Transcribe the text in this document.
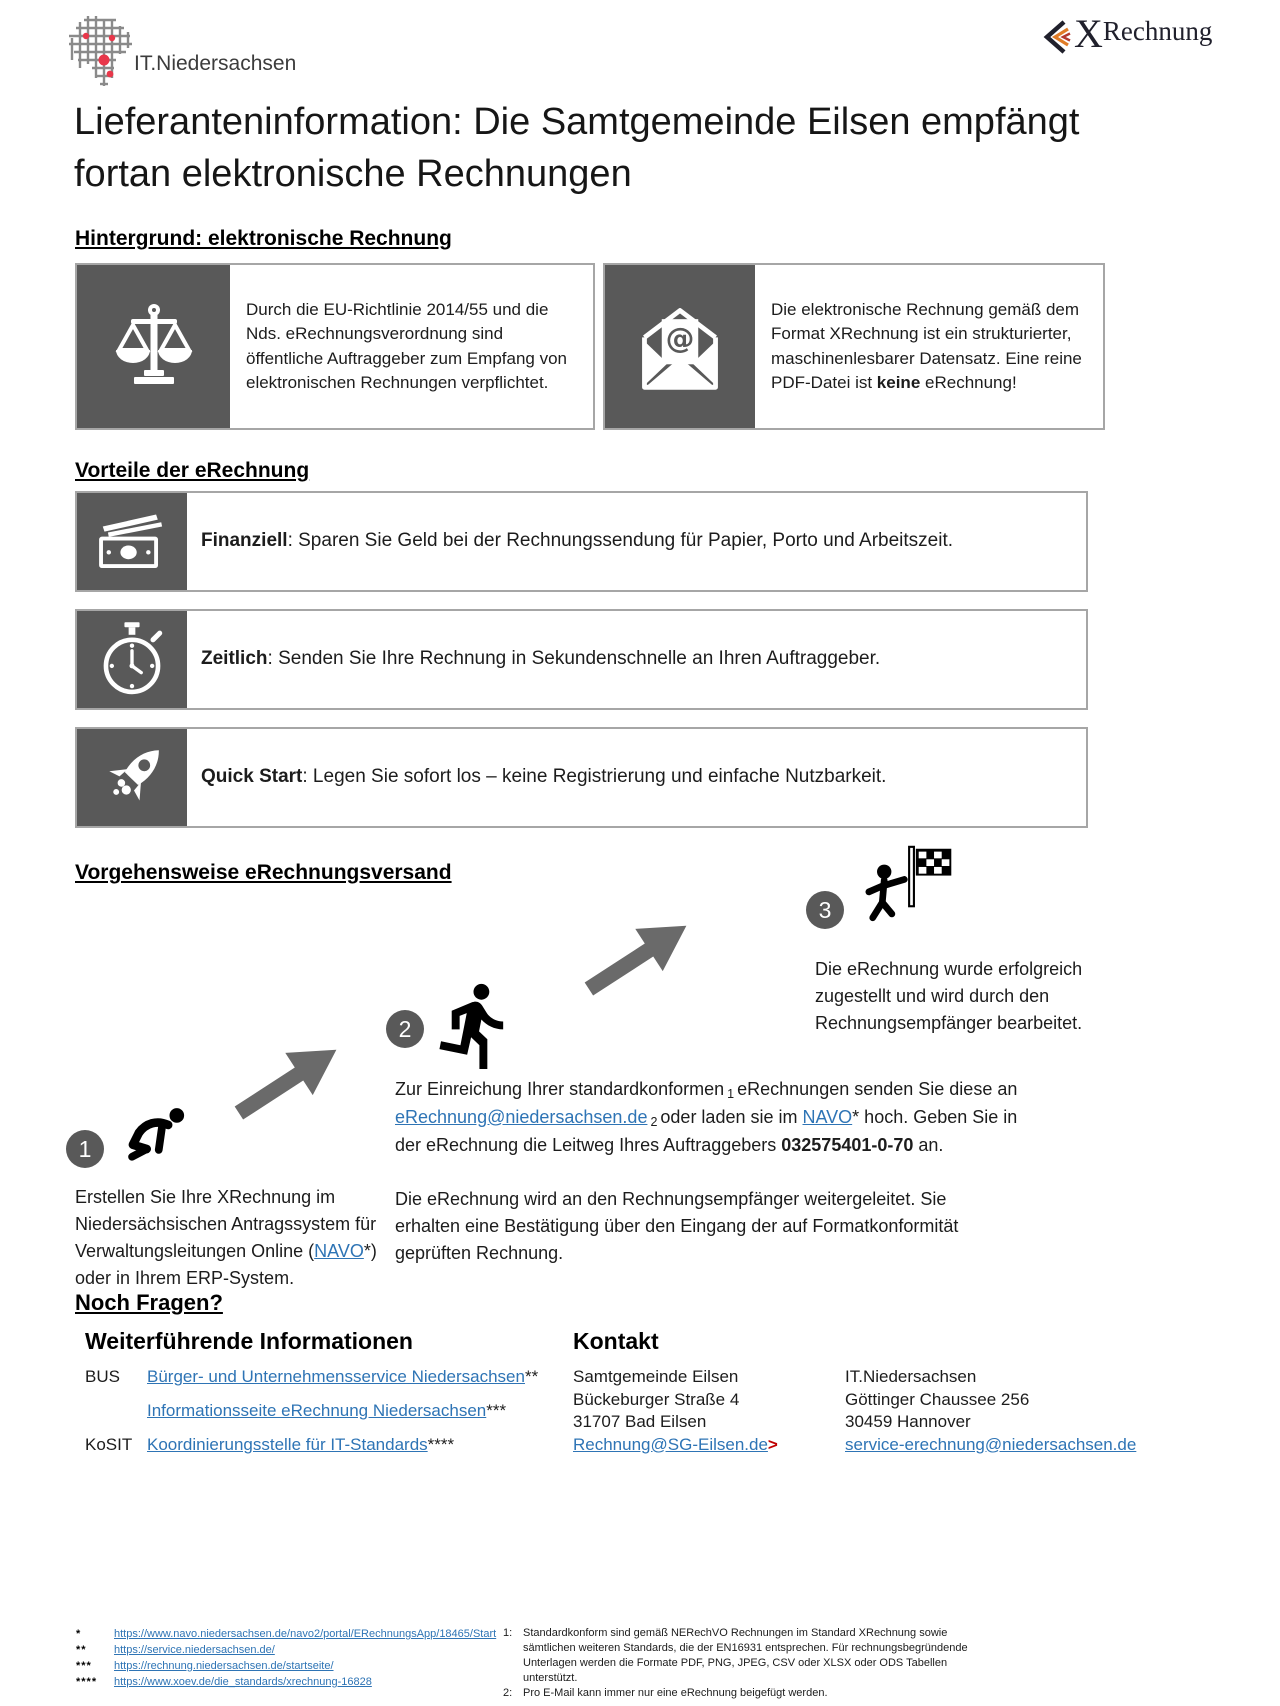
IT.Niedersachsen
X Rechnung
Lieferanteninformation: Die Samtgemeinde Eilsen empfängt fortan elektronische Rechnungen
Hintergrund: elektronische Rechnung
Durch die EU-Richtlinie 2014/55 und die Nds. eRechnungsverordnung sind öffentliche Auftraggeber zum Empfang von elektronischen Rechnungen verpflichtet.
@
Die elektronische Rechnung gemäß dem Format XRechnung ist ein strukturierter, maschinenlesbarer Datensatz. Eine reine PDF-Datei ist keine eRechnung!
Vorteile der eRechnung
Finanziell: Sparen Sie Geld bei der Rechnungssendung für Papier, Porto und Arbeitszeit.
Zeitlich: Senden Sie Ihre Rechnung in Sekundenschnelle an Ihren Auftraggeber.
Quick Start: Legen Sie sofort los – keine Registrierung und einfache Nutzbarkeit.
Vorgehensweise eRechnungsversand
3
Die eRechnung wurde erfolgreich zugestellt und wird durch den Rechnungsempfänger bearbeitet.
2
Zur Einreichung Ihrer standardkonformen 1 eRechnungen senden Sie diese an eRechnung@niedersachsen.de 2 oder laden sie im NAVO* hoch. Geben Sie in der eRechnung die Leitweg Ihres Auftraggebers 032575401-0-70 an.
Die eRechnung wird an den Rechnungsempfänger weitergeleitet. Sie erhalten eine Bestätigung über den Eingang der auf Formatkonformität geprüften Rechnung.
1
Erstellen Sie Ihre XRechnung im Niedersächsischen Antragssystem für Verwaltungsleitungen Online (NAVO*) oder in Ihrem ERP-System.
Noch Fragen?
Weiterführende Informationen
BUS	Bürger- und Unternehmensservice Niedersachsen**
Informationsseite eRechnung Niedersachsen***
KoSIT Koordinierungsstelle für IT-Standards****
Kontakt
Samtgemeinde Eilsen
Bückeburger Straße 4
31707 Bad Eilsen
Rechnung@SG-Eilsen.de>
IT.Niedersachsen
Göttinger Chaussee 256
30459 Hannover
service-erechnung@niedersachsen.de
*	https://www.navo.niedersachsen.de/navo2/portal/ERechnungsApp/18465/Start
**	https://service.niedersachsen.de/
***	https://rechnung.niedersachsen.de/startseite/
****	https://www.xoev.de/die_standards/xrechnung-16828
1: Standardkonform sind gemäß NERechVO Rechnungen im Standard XRechnung sowie sämtlichen weiteren Standards, die der EN16931 entsprechen. Für rechnungsbegründende Unterlagen werden die Formate PDF, PNG, JPEG, CSV oder XLSX oder ODS Tabellen unterstützt.
2: Pro E-Mail kann immer nur eine eRechnung beigefügt werden.
